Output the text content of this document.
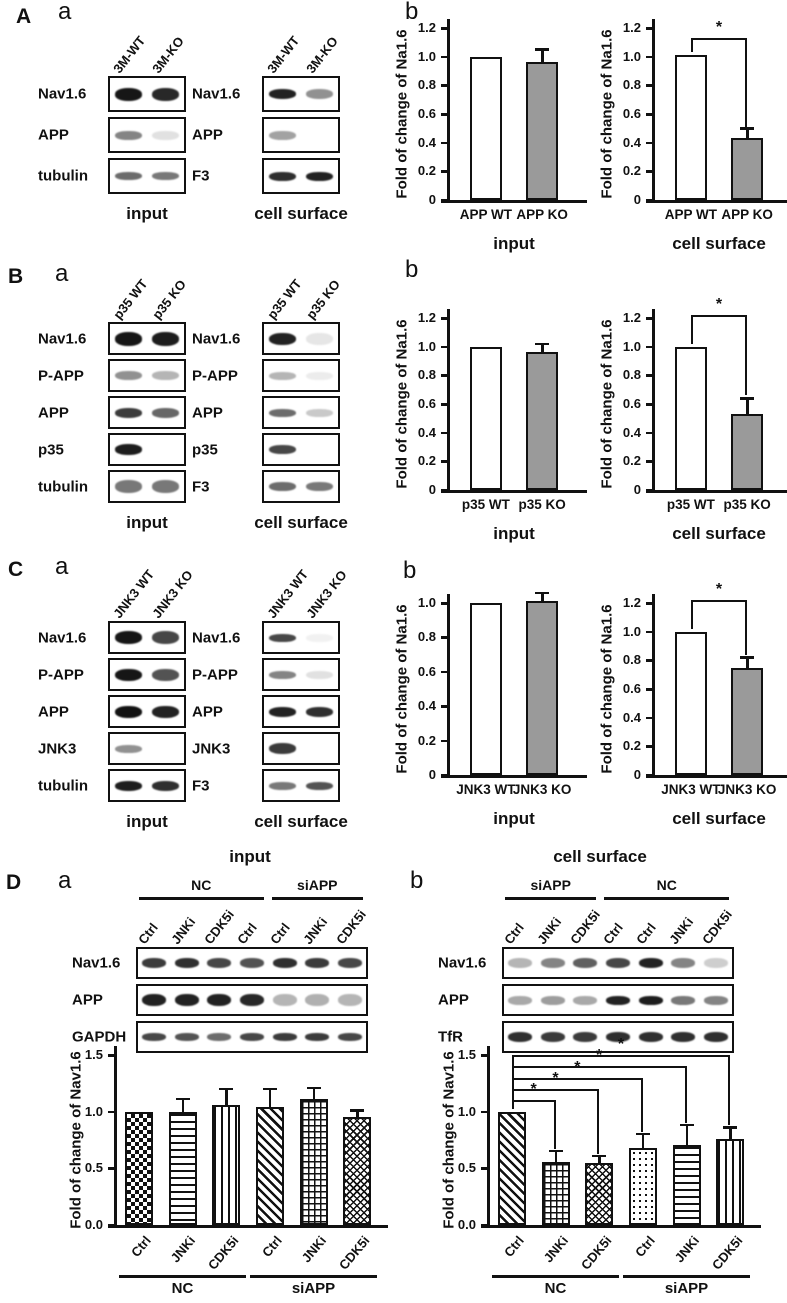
A a	b
3M-WT 3M-KO
Nav1.6
APP
tubulin
input
3M-WT 3M-KO
Nav1.6
APP
F3
cell surface
Fold of change of Na1.6
0
0.2
0.4
0.6
0.8
1.0
1.2
APP WT APP KO
input
Fold of change of Na1.6
0
0.2
0.4
0.6
0.8
1.0
1.2
APP WT APP KO
*
cell surface
B a	b
p35 WT
p35 KO
Nav1.6
P-APP
APP
p35
tubulin
input
p35 WT
p35 KO
Nav1.6
P-APP
APP
p35
F3
cell surface
Fold of change of Na1.6
0
0.2
0.4
0.6
0.8
1.0
1.2
p35 WT p35 KO
input
Fold of change of Na1.6
0
0.2
0.4
0.6
0.8
1.0
1.2
p35 WT p35 KO
*
cell surface
C a	b
JNK3 WT
JNK3 KO
Nav1.6
P-APP
APP
JNK3
tubulin
input
JNK3 WT
JNK3 KO
Nav1.6
P-APP
APP
JNK3
F3
cell surface
Fold of change of Na1.6
0
0.2
0.4
0.6
0.8
1.0
JNK3 WT
JNK3 KO
input
Fold of change of Na1.6
0
0.2
0.4
0.6
0.8
1.0
1.2
JNK3 WT
JNK3 KO
*
cell surface
input	cell surface
D a	b
NC	siAPP
Ctrl JNKi CDK5i
Ctrl Ctrl JNKi CDK5i
Nav1.6
APP
GAPDH
siAPP	NC
Ctrl JNKi CDK5i
Ctrl Ctrl JNKi CDK5i
Nav1.6
APP
TfR
Fold of change of Nav1.6 0.0
0.5
1.0
1.5
Ctrl JNKi CDK5i Ctrl JNKi CDK5i
NC	siAPP
Fold of change of Nav1.6 0.0
0.5
1.0
1.5
Ctrl JNKi CDK5i Ctrl JNKi CDK5i
*
NC	siAPP
